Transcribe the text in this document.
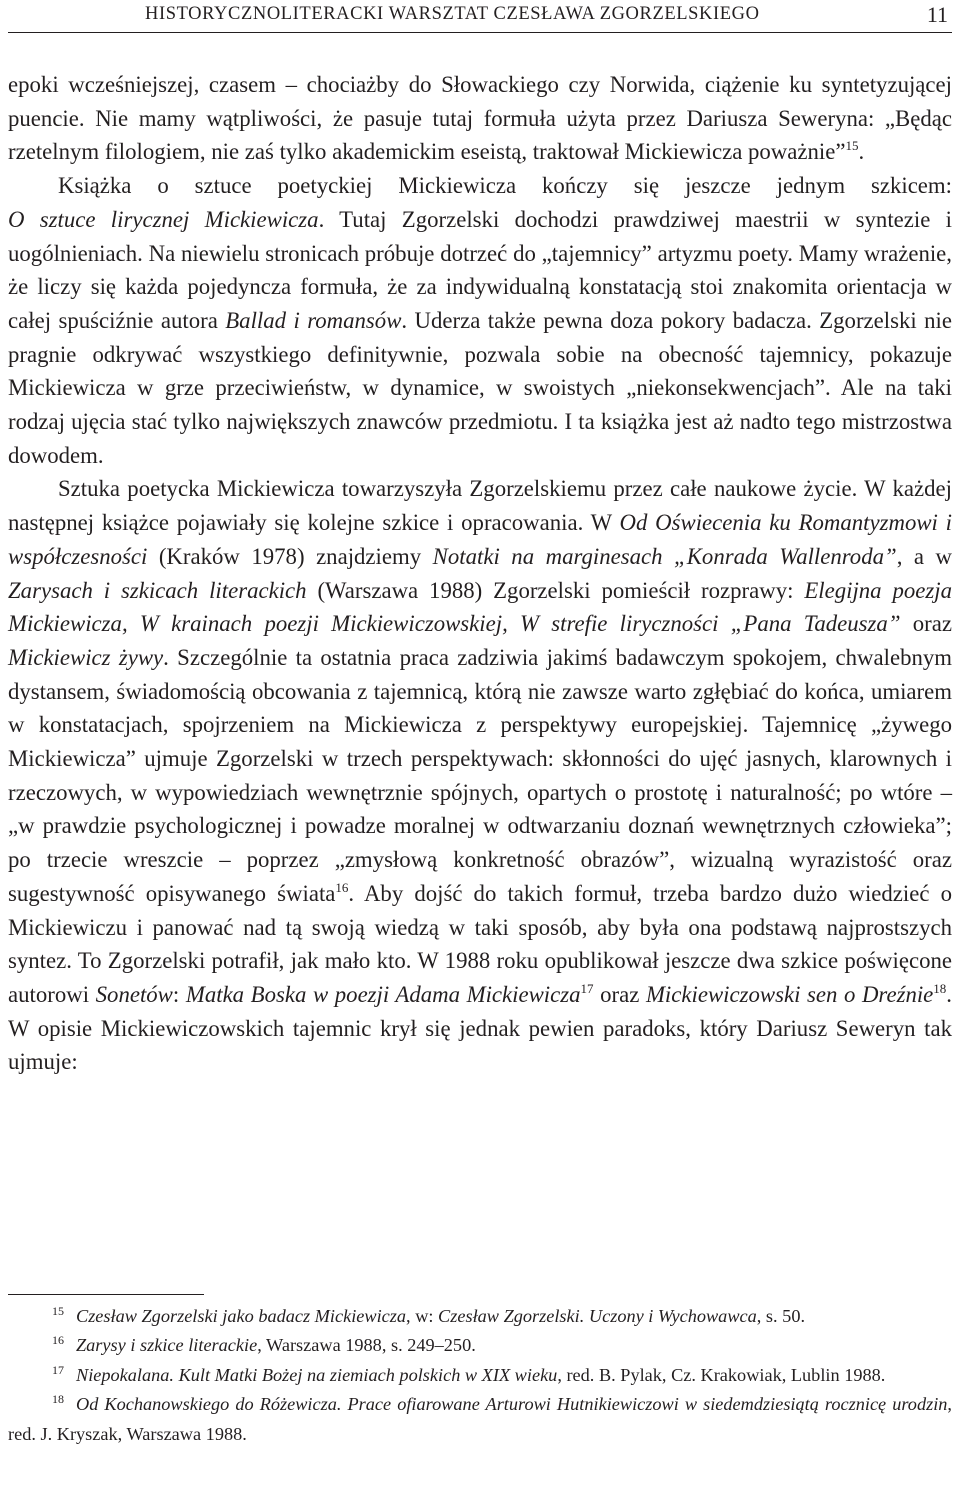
HISTORYCZNOLITERACKI WARSZTAT CZESŁAWA ZGORZELSKIEGO	11

epoki wcześniejszej, czasem – chociażby do Słowackiego czy Norwida, ciążenie ku syntetyzującej puencie. Nie mamy wątpliwości, że pasuje tutaj formuła użyta przez Dariusza Seweryna: „Będąc rzetelnym filologiem, nie zaś tylko akademickim eseistą, traktował Mickiewicza poważnie”$^{15}$.

Książka o sztuce poetyckiej Mickiewicza kończy się jeszcze jednym szkicem:

O sztuce lirycznej Mickiewicza. Tutaj Zgorzelski dochodzi prawdziwej maestrii w syntezie i uogólnieniach. Na niewielu stronicach próbuje dotrzeć do „tajemnicy” artyzmu poety. Mamy wrażenie, że liczy się każda pojedyncza formuła, że za indywidualną konstatacją stoi znakomita orientacja w całej spuściźnie autora Ballad i romansów. Uderza także pewna doza pokory badacza. Zgorzelski nie pragnie odkrywać wszystkiego definitywnie, pozwala sobie na obecność tajemnicy, pokazuje Mickiewicza w grze przeciwieństw, w dynamice, w swoistych „niekonsekwencjach”. Ale na taki rodzaj ujęcia stać tylko największych znawców przedmiotu. I ta książka jest aż nadto tego mistrzostwa dowodem.

Sztuka poetycka Mickiewicza towarzyszyła Zgorzelskiemu przez całe naukowe życie. W każdej następnej książce pojawiały się kolejne szkice i opracowania. W Od Oświecenia ku Romantyzmowi i współczesności (Kraków 1978) znajdziemy Notatki na marginesach „Konrada Wallenroda”, a w Zarysach i szkicach literackich (Warszawa 1988) Zgorzelski pomieścił rozprawy: Elegijna poezja Mickiewicza, W krainach poezji Mickiewiczowskiej, W strefie liryczności „Pana Tadeusza” oraz Mickiewicz żywy. Szczególnie ta ostatnia praca zadziwia jakimś badawczym spokojem, chwalebnym dystansem, świadomością obcowania z tajemnicą, którą nie zawsze warto zgłębiać do końca, umiarem w konstatacjach, spojrzeniem na Mickiewicza z perspektywy europejskiej. Tajemnicę „żywego Mickiewicza” ujmuje Zgorzelski w trzech perspektywach: skłonności do ujęć jasnych, klarownych i rzeczowych, w wypowiedziach wewnętrznie spójnych, opartych o prostotę i naturalność; po wtóre – „w prawdzie psychologicznej i powadze moralnej w odtwarzaniu doznań wewnętrznych człowieka”; po trzecie wreszcie – poprzez „zmysłową konkretność obrazów”, wizualną wyrazistość oraz sugestywność opisywanego świata$^{16}$. Aby dojść do takich formuł, trzeba bardzo dużo wiedzieć o Mickiewiczu i panować nad tą swoją wiedzą w taki sposób, aby była ona podstawą najprostszych syntez. To Zgorzelski potrafił, jak mało kto. W 1988 roku opublikował jeszcze dwa szkice poświęcone autorowi Sonetów: Matka Boska w poezji Adama Mickiewicza$^{17}$ oraz Mickiewiczowski sen o Dreźnie$^{18}$. W opisie Mickiewiczowskich tajemnic krył się jednak pewien paradoks, który Dariusz Seweryn tak ujmuje:

$^{15}$ Czesław Zgorzelski jako badacz Mickiewicza, w: Czesław Zgorzelski. Uczony i Wychowawca, s. 50.

$^{16}$ Zarysy i szkice literackie, Warszawa 1988, s. 249–250.

$^{17}$ Niepokalana. Kult Matki Bożej na ziemiach polskich w XIX wieku, red. B. Pylak, Cz. Krakowiak, Lublin 1988.

$^{18}$ Od Kochanowskiego do Różewicza. Prace ofiarowane Arturowi Hutnikiewiczowi w siedemdziesiątą rocznicę urodzin, red. J. Kryszak, Warszawa 1988.
